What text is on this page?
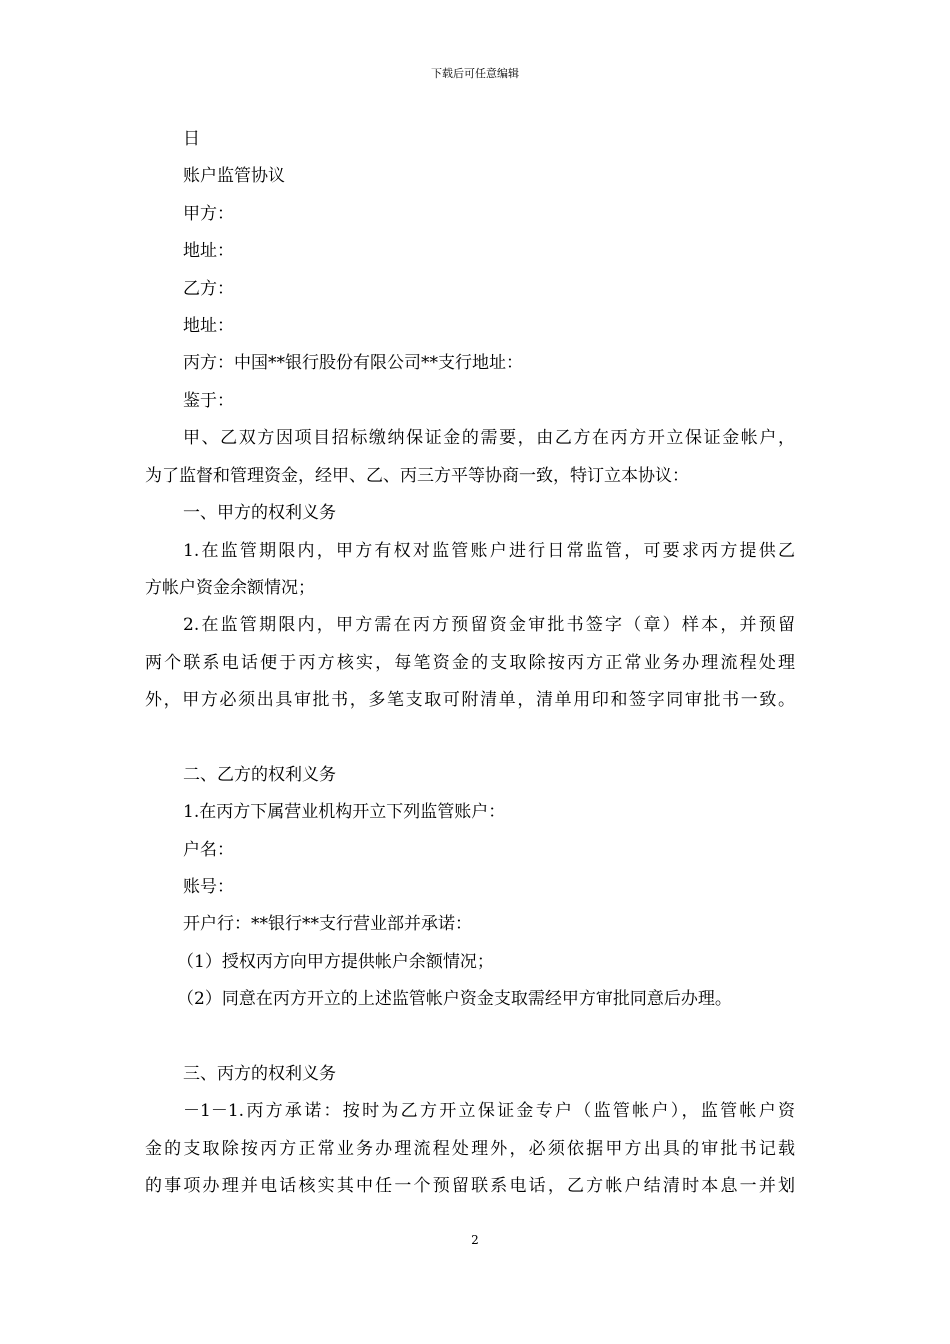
下载后可任意编辑
日
账户监管协议
甲方：
地址：
乙方：
地址：
丙方：中国**银行股份有限公司**支行地址：
鉴于：
甲、乙双方因项目招标缴纳保证金的需要，由乙方在丙方开立保证金帐户，
为了监督和管理资金，经甲、乙、丙三方平等协商一致，特订立本协议：
一、甲方的权利义务
1.在监管期限内，甲方有权对监管账户进行日常监管，可要求丙方提供乙
方帐户资金余额情况；
2.在监管期限内，甲方需在丙方预留资金审批书签字（章）样本，并预留
两个联系电话便于丙方核实，每笔资金的支取除按丙方正常业务办理流程处理
外，甲方必须出具审批书，多笔支取可附清单，清单用印和签字同审批书一致。
二、乙方的权利义务
1.在丙方下属营业机构开立下列监管账户：
户名：
账号：
开户行：**银行**支行营业部并承诺：
（1）授权丙方向甲方提供帐户余额情况；
（2）同意在丙方开立的上述监管帐户资金支取需经甲方审批同意后办理。
三、丙方的权利义务
－1－1.丙方承诺：按时为乙方开立保证金专户（监管帐户），监管帐户资
金的支取除按丙方正常业务办理流程处理外，必须依据甲方出具的审批书记载
的事项办理并电话核实其中任一个预留联系电话，乙方帐户结清时本息一并划
2
